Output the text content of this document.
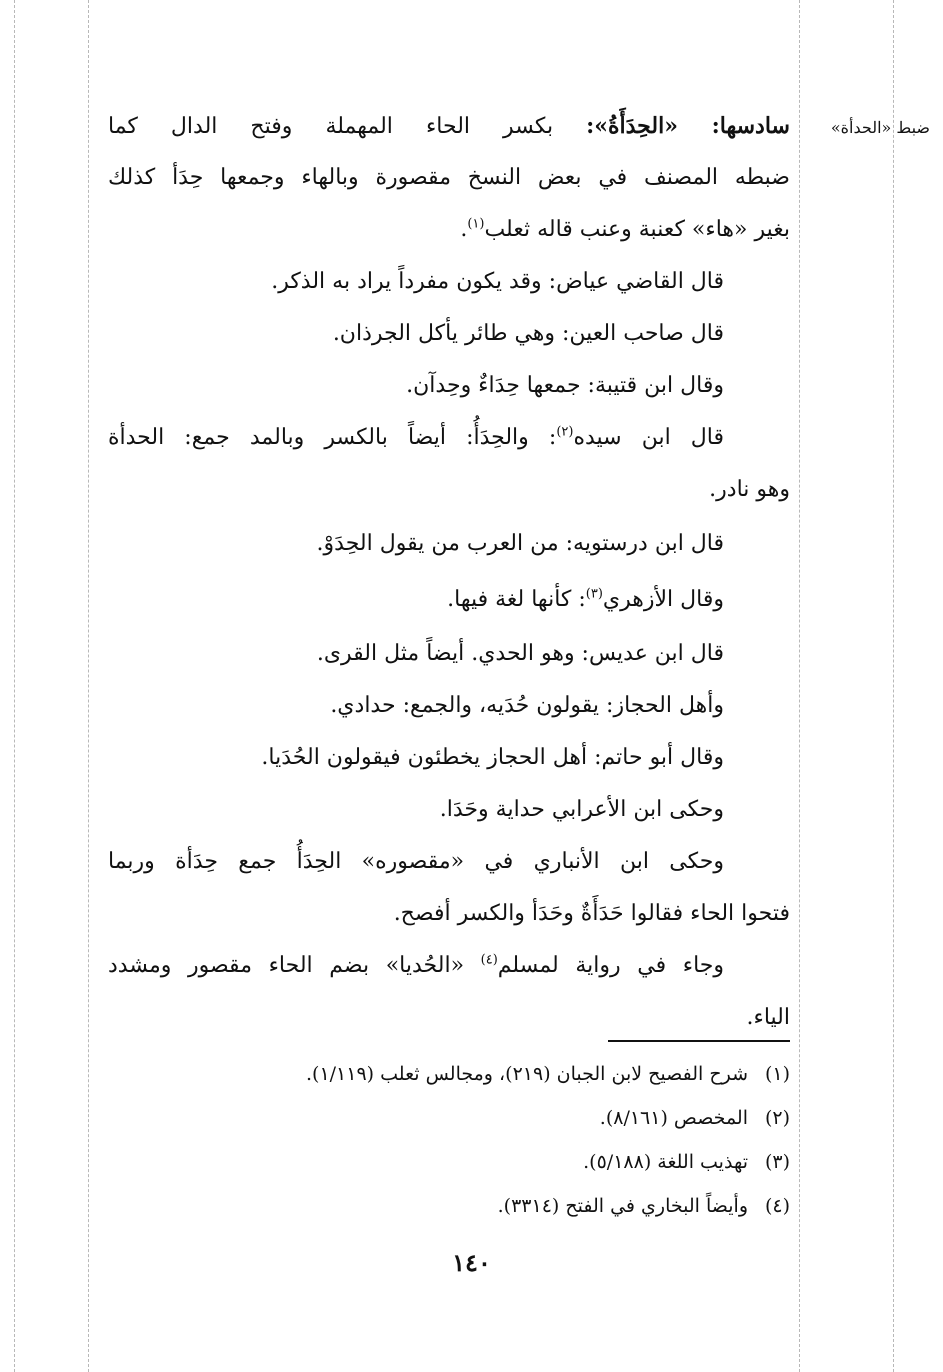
ضبط «الحدأة»
سادسها: «الحِدَأَةُ»: بكسر الحاء المهملة وفتح الدال كما
ضبطه المصنف في بعض النسخ مقصورة وبالهاء وجمعها حِدَأ كذلك
بغير «هاء» كعنبة وعنب قاله ثعلب$^{(١)}$.
قال القاضي عياض: وقد يكون مفرداً يراد به الذكر.
قال صاحب العين: وهي طائر يأكل الجرذان.
وقال ابن قتيبة: جمعها حِدَاءٌ وحِدآن.
قال ابن سيده$^{(٢)}$: والحِدَأُ: أيضاً بالكسر وبالمد جمع: الحدأة
وهو نادر.
قال ابن درستويه: من العرب من يقول الحِدَوْ.
وقال الأزهري$^{(٣)}$: كأنها لغة فيها.
قال ابن عديس: وهو الحدي. أيضاً مثل القرى.
وأهل الحجاز: يقولون حُدَيه، والجمع: حدادي.
وقال أبو حاتم: أهل الحجاز يخطئون فيقولون الحُدَيا.
وحكى ابن الأعرابي حداية وحَدَا.
وحكى ابن الأنباري في «مقصوره» الحِدَأُ جمع حِدَأة وربما
فتحوا الحاء فقالوا حَدَأَةٌ وحَدَأ والكسر أفصح.
وجاء في رواية لمسلم$^{(٤)}$ «الحُديا» بضم الحاء مقصور ومشدد
الياء.
(١)شرح الفصيح لابن الجبان (٢١٩)، ومجالس ثعلب (١/١١٩).
(٢)المخصص (٨/١٦١).
(٣)تهذيب اللغة (٥/١٨٨).
(٤)وأيضاً البخاري في الفتح (٣٣١٤).
١٤٠
